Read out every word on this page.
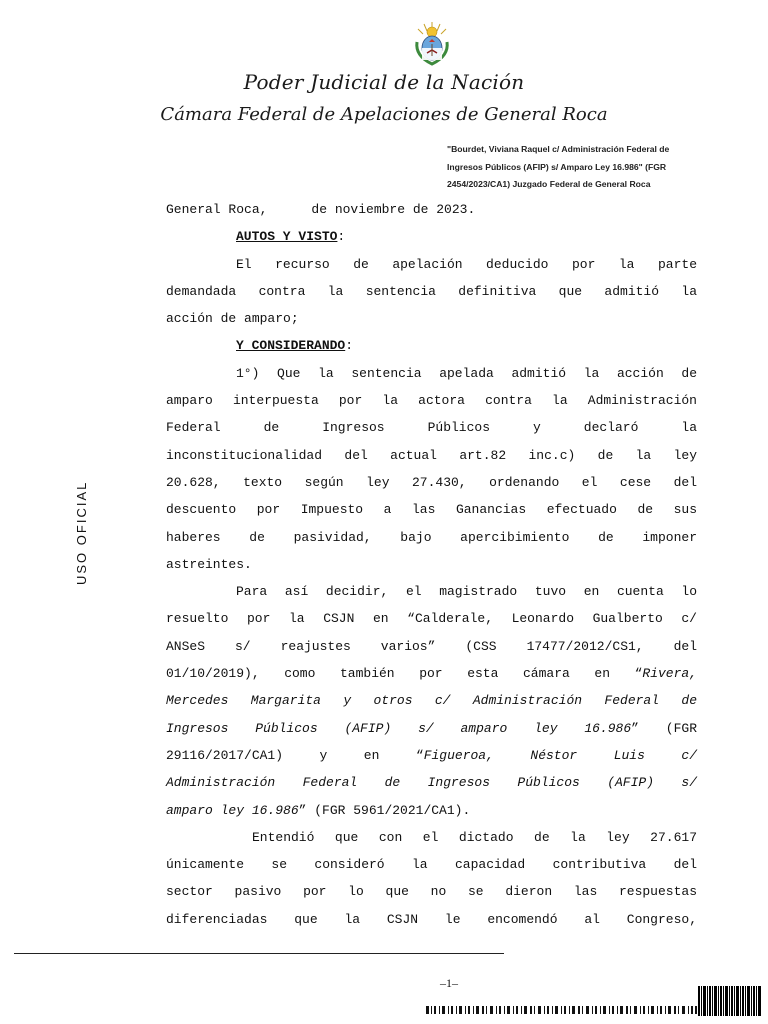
Poder Judicial de la Nación
Cámara Federal de Apelaciones de General Roca

"Bourdet, Viviana Raquel c/ Administración Federal de Ingresos Públicos (AFIP) s/ Amparo Ley 16.986" (FGR 2454/2023/CA1) Juzgado Federal de General Roca

USO OFICIAL
General Roca,	de noviembre de 2023.
AUTOS Y VISTO:
El recurso de apelación deducido por la parte
demandada contra la sentencia definitiva que admitió la
acción de amparo;
Y CONSIDERANDO:
1°) Que la sentencia apelada admitió la acción de
amparo interpuesta por la actora contra la Administración
Federal de Ingresos Públicos y declaró la
inconstitucionalidad del actual art.82 inc.c) de la ley
20.628, texto según ley 27.430, ordenando el cese del
descuento por Impuesto a las Ganancias efectuado de sus
haberes de pasividad, bajo apercibimiento de imponer
astreintes.
Para así decidir, el magistrado tuvo en cuenta lo
resuelto por la CSJN en “Calderale, Leonardo Gualberto c/
ANSeS s/ reajustes varios” (CSS 17477/2012/CS1, del
01/10/2019), como también por esta cámara en “Rivera,
Mercedes Margarita y otros c/ Administración Federal de
Ingresos Públicos (AFIP) s/ amparo ley 16.986” (FGR
29116/2017/CA1) y en “Figueroa, Néstor Luis c/
Administración Federal de Ingresos Públicos (AFIP) s/
amparo ley 16.986” (FGR 5961/2021/CA1).
Entendió que con el dictado de la ley 27.617
únicamente se consideró la capacidad contributiva del
sector pasivo por lo que no se dieron las respuestas
diferenciadas que la CSJN le encomendó al Congreso,
–1–
